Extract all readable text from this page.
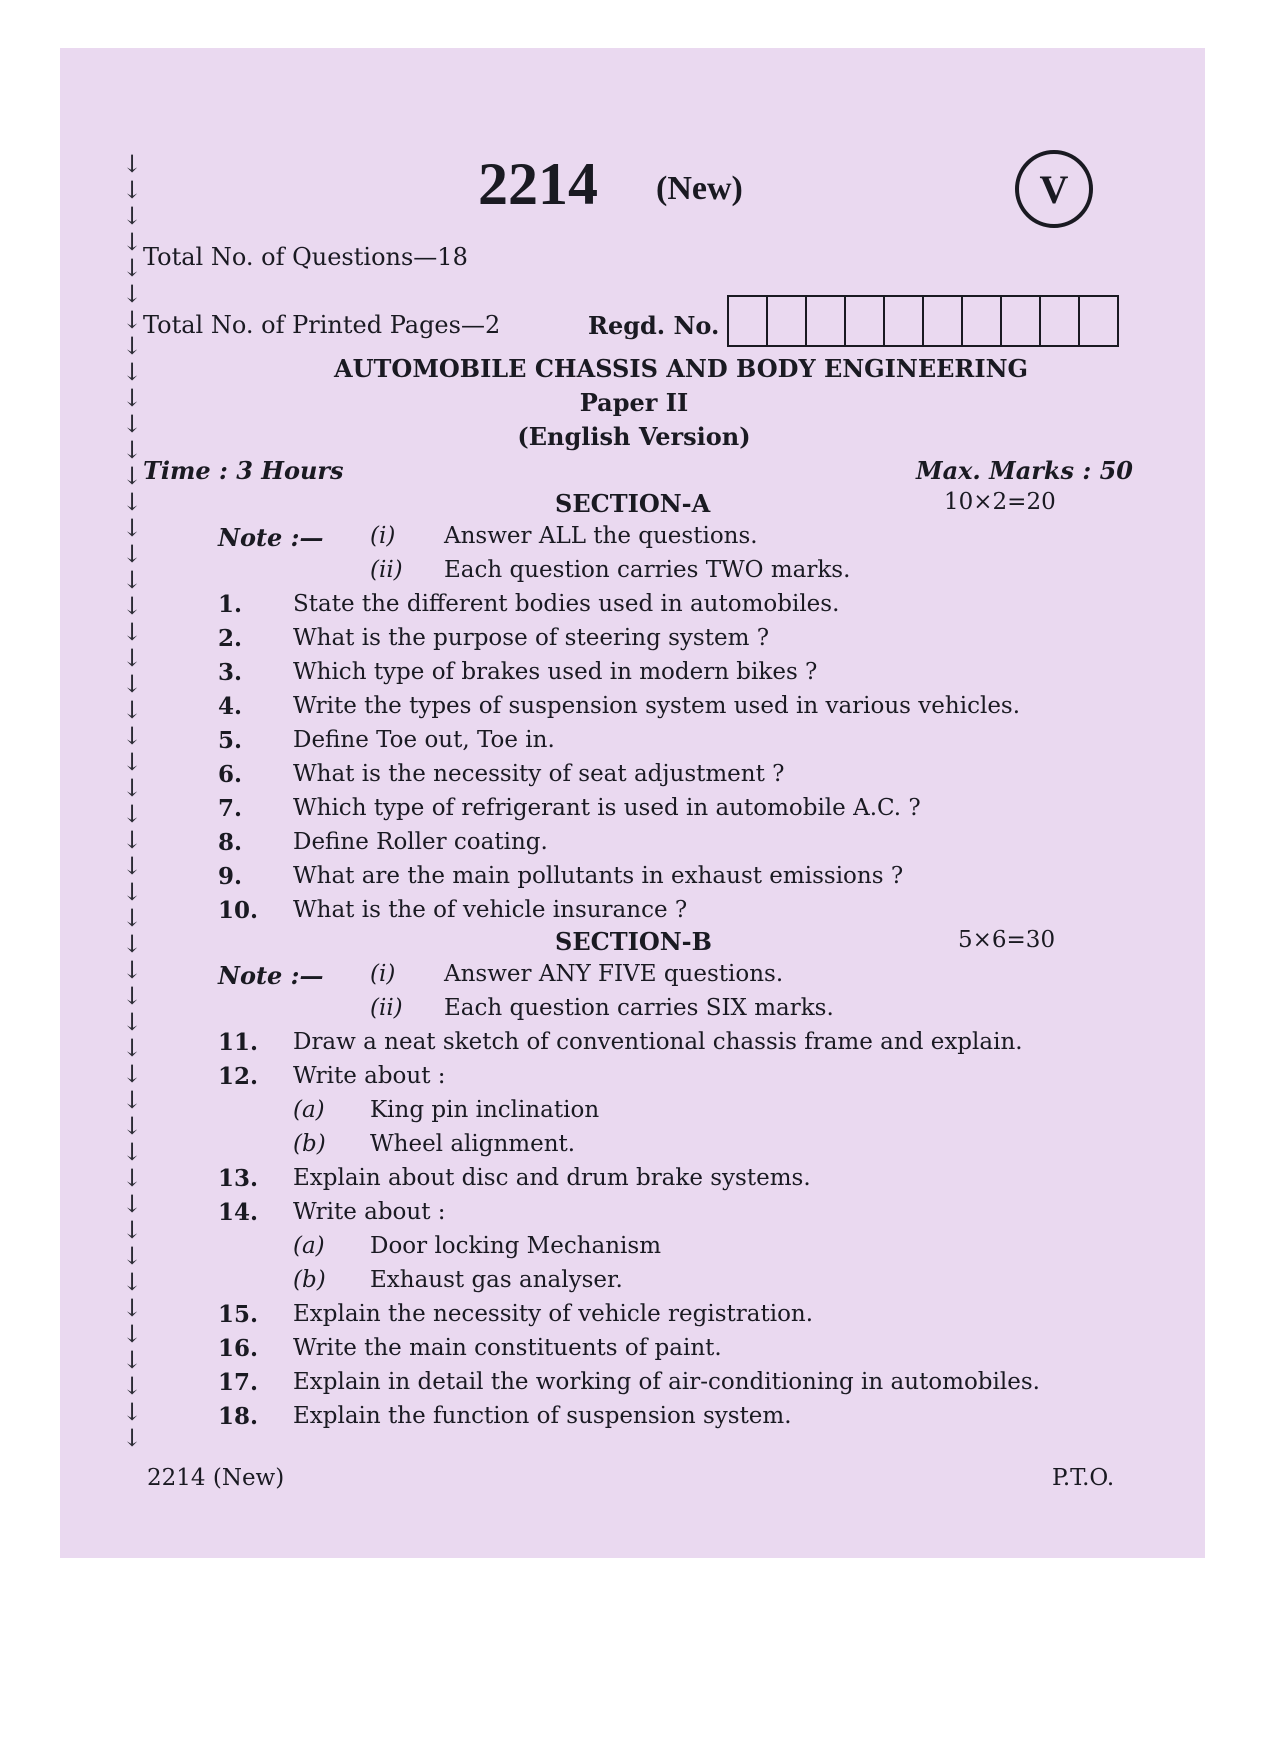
↓
↓
↓
↓
↓
↓
↓
↓
↓
↓
↓
↓
↓
↓
↓
↓
↓
↓
↓
↓
↓
↓
↓
↓
↓
↓
↓
↓
↓
↓
↓
↓
↓
↓
↓
↓
↓
↓
↓
↓
↓
↓
↓
↓
↓
↓
↓
↓
↓
↓
2214 (New)	V
Total No. of Questions—18
Total No. of Printed Pages—2	Regd. No.
AUTOMOBILE CHASSIS AND BODY ENGINEERING
Paper II
(English Version)
Time : 3 Hours	Max. Marks : 50
SECTION-A	10×2=20
Note :— (i) Answer ALL the questions.
(ii) Each question carries TWO marks.
1. State the different bodies used in automobiles.
2. What is the purpose of steering system ?
3. Which type of brakes used in modern bikes ?
4. Write the types of suspension system used in various vehicles.
5. Define Toe out, Toe in.
6. What is the necessity of seat adjustment ?
7. Which type of refrigerant is used in automobile A.C. ?
8. Define Roller coating.
9. What are the main pollutants in exhaust emissions ?
10. What is the of vehicle insurance ?
SECTION-B	5×6=30
Note :— (i) Answer ANY FIVE questions.
(ii) Each question carries SIX marks.
11. Draw a neat sketch of conventional chassis frame and explain.
12. Write about :
(a) King pin inclination
(b) Wheel alignment.
13. Explain about disc and drum brake systems.
14. Write about :
(a) Door locking Mechanism
(b) Exhaust gas analyser.
15. Explain the necessity of vehicle registration.
16. Write the main constituents of paint.
17. Explain in detail the working of air-conditioning in automobiles.
18. Explain the function of suspension system.
2214 (New)	P.T.O.
